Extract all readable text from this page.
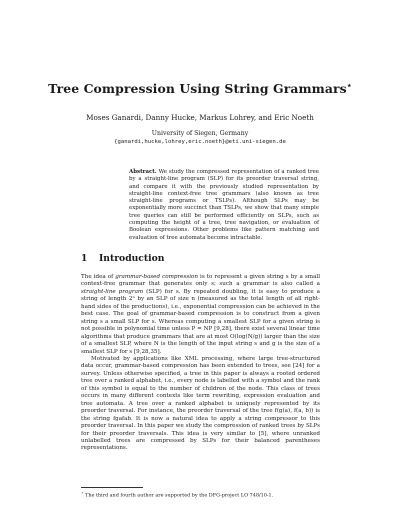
Tree Compression Using String Grammars⋆
Moses Ganardi, Danny Hucke, Markus Lohrey, and Eric Noeth
University of Siegen, Germany
{ganardi,hucke,lohrey,eric.noeth}@eti.uni-siegen.de
Abstract. We study the compressed representation of a ranked tree by a straight-line program (SLP) for its preorder traversal string, and compare it with the previously studied representation by straight-line context-free tree grammars (also known as tree straight-line programs or TSLPs). Although SLPs may be exponentially more succinct than TSLPs, we show that many simple tree queries can still be performed efficiently on SLPs, such as computing the height of a tree, tree navigation, or evaluation of Boolean expressions. Other problems like pattern matching and evaluation of tree automata become intractable.
1 Introduction

The idea of grammar-based compression is to represent a given string s by a small context-free grammar that generates only s; such a grammar is also called a straight-line program (SLP) for s. By repeated doubling, it is easy to produce a string of length 2ⁿ by an SLP of size n (measured as the total length of all right-hand sides of the productions), i.e., exponential compression can be achieved in the best case. The goal of grammar-based compression is to construct from a given string s a small SLP for s. Whereas computing a smallest SLP for a given string is not possible in polynomial time unless P = NP [9,28], there exist several linear time algorithms that produce grammars that are at most O(log(N/g)) larger than the size of a smallest SLP, where N is the length of the input string s and g is the size of a smallest SLP for s [9,28,35].

Motivated by applications like XML processing, where large tree-structured data occur, grammar-based compression has been extended to trees, see [24] for a survey. Unless otherwise specified, a tree in this paper is always a rooted ordered tree over a ranked alphabet, i.e., every node is labelled with a symbol and the rank of this symbol is equal to the number of children of the node. This class of trees occurs in many different contexts like term rewriting, expression evaluation and tree automata. A tree over a ranked alphabet is uniquely represented by its preorder traversal. For instance, the preorder traversal of the tree f(g(a), f(a, b)) is the string fgafab. It is now a natural idea to apply a string compressor to this preorder traversal. In this paper we study the compression of ranked trees by SLPs for their preorder traversals. This idea is very similar to [5], where unranked unlabelled trees are compressed by SLPs for their balanced parentheses representations.

⋆ The third and fourth author are supported by the DFG-project LO 748/10-1.
